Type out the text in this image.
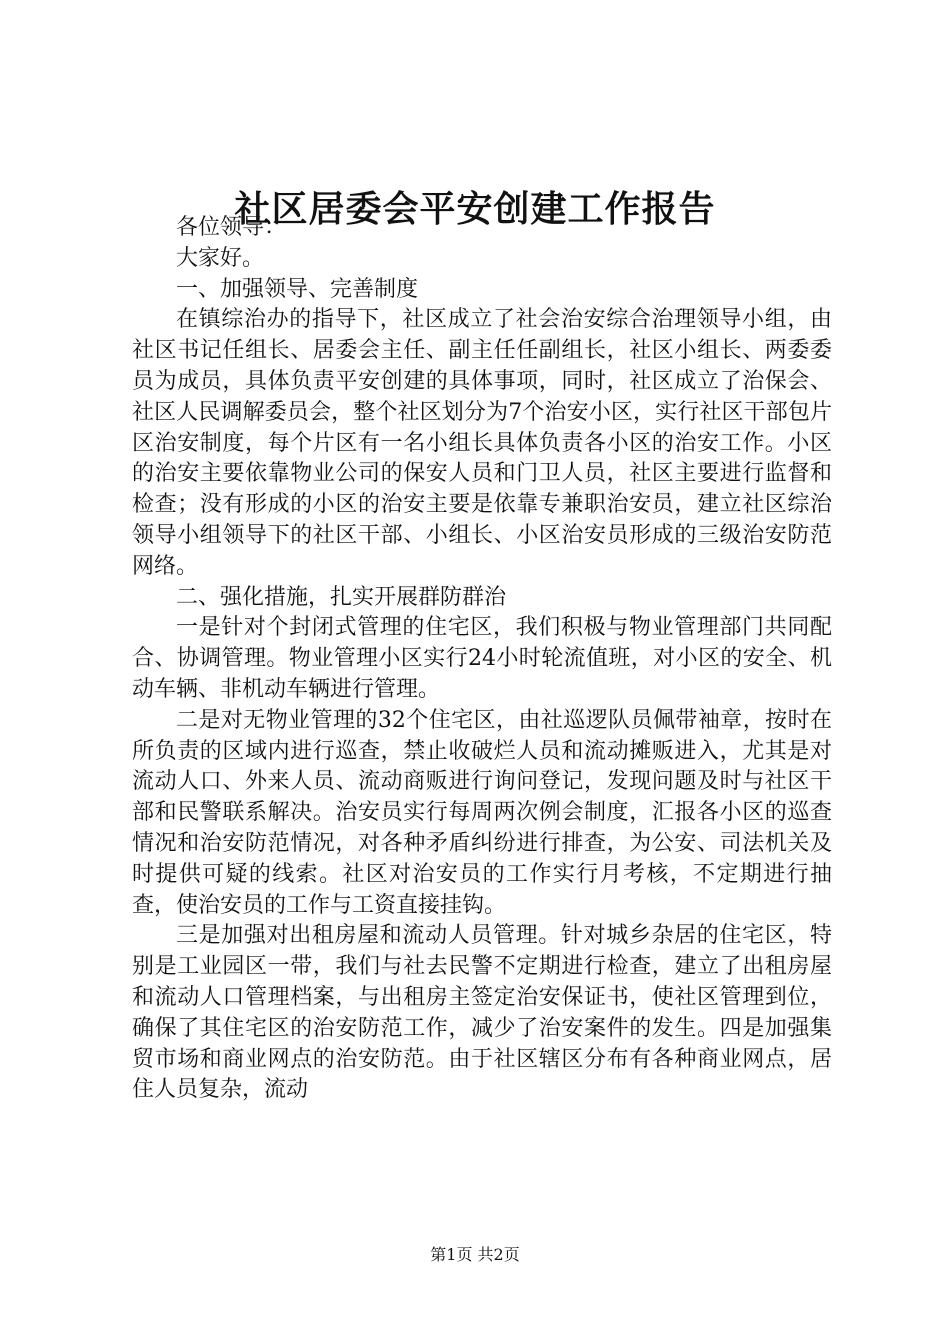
社区居委会平安创建工作报告

各位领导：

大家好。

一、加强领导、完善制度

在镇综治办的指导下，社区成立了社会治安综合治理领导小组，由社区书记任组长、居委会主任、副主任任副组长，社区小组长、两委委员为成员，具体负责平安创建的具体事项，同时，社区成立了治保会、社区人民调解委员会，整个社区划分为7个治安小区，实行社区干部包片区治安制度，每个片区有一名小组长具体负责各小区的治安工作。小区的治安主要依靠物业公司的保安人员和门卫人员，社区主要进行监督和检查；没有形成的小区的治安主要是依靠专兼职治安员，建立社区综治领导小组领导下的社区干部、小组长、小区治安员形成的三级治安防范网络。

二、强化措施，扎实开展群防群治

一是针对个封闭式管理的住宅区，我们积极与物业管理部门共同配合、协调管理。物业管理小区实行24小时轮流值班，对小区的安全、机动车辆、非机动车辆进行管理。

二是对无物业管理的32个住宅区，由社巡逻队员佩带袖章，按时在所负责的区域内进行巡查，禁止收破烂人员和流动摊贩进入，尤其是对流动人口、外来人员、流动商贩进行询问登记，发现问题及时与社区干部和民警联系解决。治安员实行每周两次例会制度，汇报各小区的巡查情况和治安防范情况，对各种矛盾纠纷进行排查，为公安、司法机关及时提供可疑的线索。社区对治安员的工作实行月考核，不定期进行抽查，使治安员的工作与工资直接挂钩。

三是加强对出租房屋和流动人员管理。针对城乡杂居的住宅区，特别是工业园区一带，我们与社去民警不定期进行检查，建立了出租房屋和流动人口管理档案，与出租房主签定治安保证书，使社区管理到位，确保了其住宅区的治安防范工作，减少了治安案件的发生。四是加强集贸市场和商业网点的治安防范。由于社区辖区分布有各种商业网点，居住人员复杂，流动

第1页 共2页
